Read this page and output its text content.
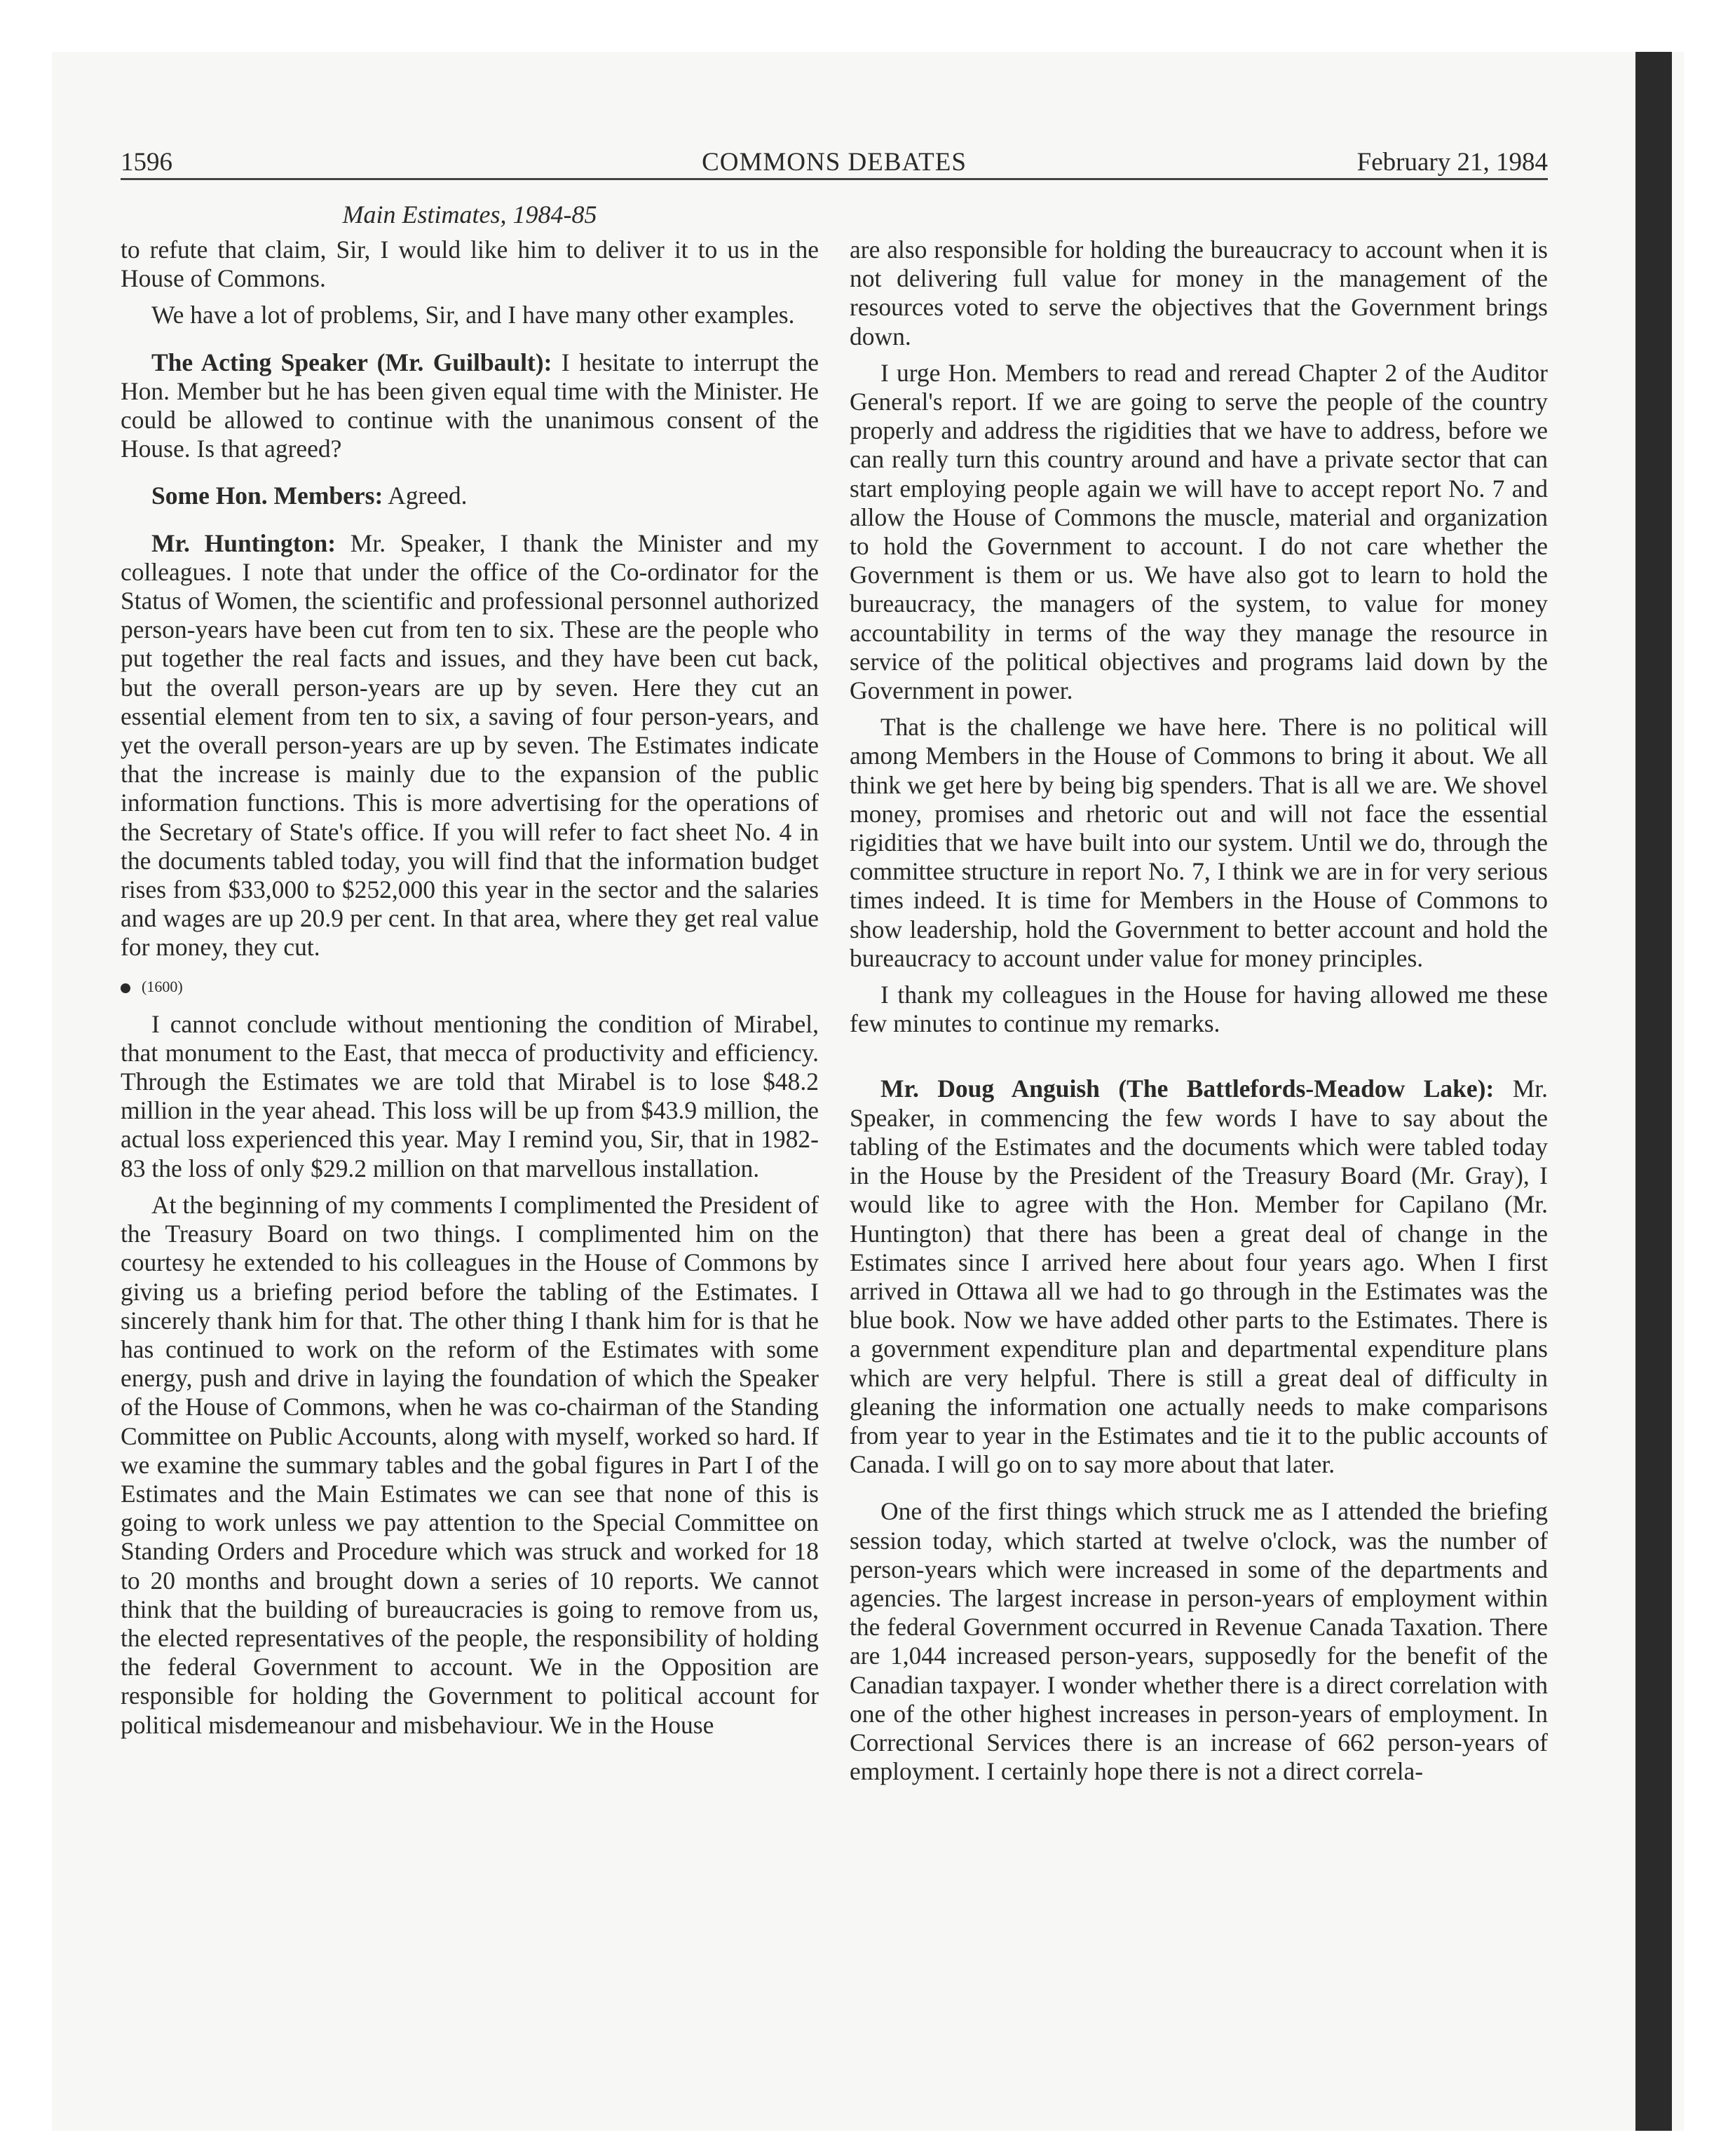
1596	COMMONS DEBATES	February 21, 1984
Main Estimates, 1984-85

to refute that claim, Sir, I would like him to deliver it to us in the House of Commons.

We have a lot of problems, Sir, and I have many other examples.

The Acting Speaker (Mr. Guilbault): I hesitate to interrupt the Hon. Member but he has been given equal time with the Minister. He could be allowed to continue with the unanimous consent of the House. Is that agreed?

Some Hon. Members: Agreed.

Mr. Huntington: Mr. Speaker, I thank the Minister and my colleagues. I note that under the office of the Co-ordinator for the Status of Women, the scientific and professional personnel authorized person-years have been cut from ten to six. These are the people who put together the real facts and issues, and they have been cut back, but the overall person-years are up by seven. Here they cut an essential element from ten to six, a saving of four person-years, and yet the overall person-years are up by seven. The Estimates indicate that the increase is mainly due to the expansion of the public information functions. This is more advertising for the operations of the Secretary of State's office. If you will refer to fact sheet No. 4 in the documents tabled today, you will find that the information budget rises from $33,000 to $252,000 this year in the sector and the salaries and wages are up 20.9 per cent. In that area, where they get real value for money, they cut.

(1600)

I cannot conclude without mentioning the condition of Mirabel, that monument to the East, that mecca of productivity and efficiency. Through the Estimates we are told that Mirabel is to lose $48.2 million in the year ahead. This loss will be up from $43.9 million, the actual loss experienced this year. May I remind you, Sir, that in 1982-83 the loss of only $29.2 million on that marvellous installation.

At the beginning of my comments I complimented the President of the Treasury Board on two things. I complimented him on the courtesy he extended to his colleagues in the House of Commons by giving us a briefing period before the tabling of the Estimates. I sincerely thank him for that. The other thing I thank him for is that he has continued to work on the reform of the Estimates with some energy, push and drive in laying the foundation of which the Speaker of the House of Commons, when he was co-chairman of the Standing Committee on Public Accounts, along with myself, worked so hard. If we examine the summary tables and the gobal figures in Part I of the Estimates and the Main Estimates we can see that none of this is going to work unless we pay attention to the Special Committee on Standing Orders and Procedure which was struck and worked for 18 to 20 months and brought down a series of 10 reports. We cannot think that the building of bureaucracies is going to remove from us, the elected representatives of the people, the responsibility of holding the federal Government to account. We in the Opposition are responsible for holding the Government to political account for political misdemeanour and misbehaviour. We in the House

are also responsible for holding the bureaucracy to account when it is not delivering full value for money in the management of the resources voted to serve the objectives that the Government brings down.

I urge Hon. Members to read and reread Chapter 2 of the Auditor General's report. If we are going to serve the people of the country properly and address the rigidities that we have to address, before we can really turn this country around and have a private sector that can start employing people again we will have to accept report No. 7 and allow the House of Commons the muscle, material and organization to hold the Government to account. I do not care whether the Government is them or us. We have also got to learn to hold the bureaucracy, the managers of the system, to value for money accountability in terms of the way they manage the resource in service of the political objectives and programs laid down by the Government in power.

That is the challenge we have here. There is no political will among Members in the House of Commons to bring it about. We all think we get here by being big spenders. That is all we are. We shovel money, promises and rhetoric out and will not face the essential rigidities that we have built into our system. Until we do, through the committee structure in report No. 7, I think we are in for very serious times indeed. It is time for Members in the House of Commons to show leadership, hold the Government to better account and hold the bureaucracy to account under value for money principles.

I thank my colleagues in the House for having allowed me these few minutes to continue my remarks.

Mr. Doug Anguish (The Battlefords-Meadow Lake): Mr. Speaker, in commencing the few words I have to say about the tabling of the Estimates and the documents which were tabled today in the House by the President of the Treasury Board (Mr. Gray), I would like to agree with the Hon. Member for Capilano (Mr. Huntington) that there has been a great deal of change in the Estimates since I arrived here about four years ago. When I first arrived in Ottawa all we had to go through in the Estimates was the blue book. Now we have added other parts to the Estimates. There is a government expenditure plan and departmental expenditure plans which are very helpful. There is still a great deal of difficulty in gleaning the information one actually needs to make comparisons from year to year in the Estimates and tie it to the public accounts of Canada. I will go on to say more about that later.

One of the first things which struck me as I attended the briefing session today, which started at twelve o'clock, was the number of person-years which were increased in some of the departments and agencies. The largest increase in person-years of employment within the federal Government occurred in Revenue Canada Taxation. There are 1,044 increased person-years, supposedly for the benefit of the Canadian taxpayer. I wonder whether there is a direct correlation with one of the other highest increases in person-years of employment. In Correctional Services there is an increase of 662 person-years of employment. I certainly hope there is not a direct correla-
